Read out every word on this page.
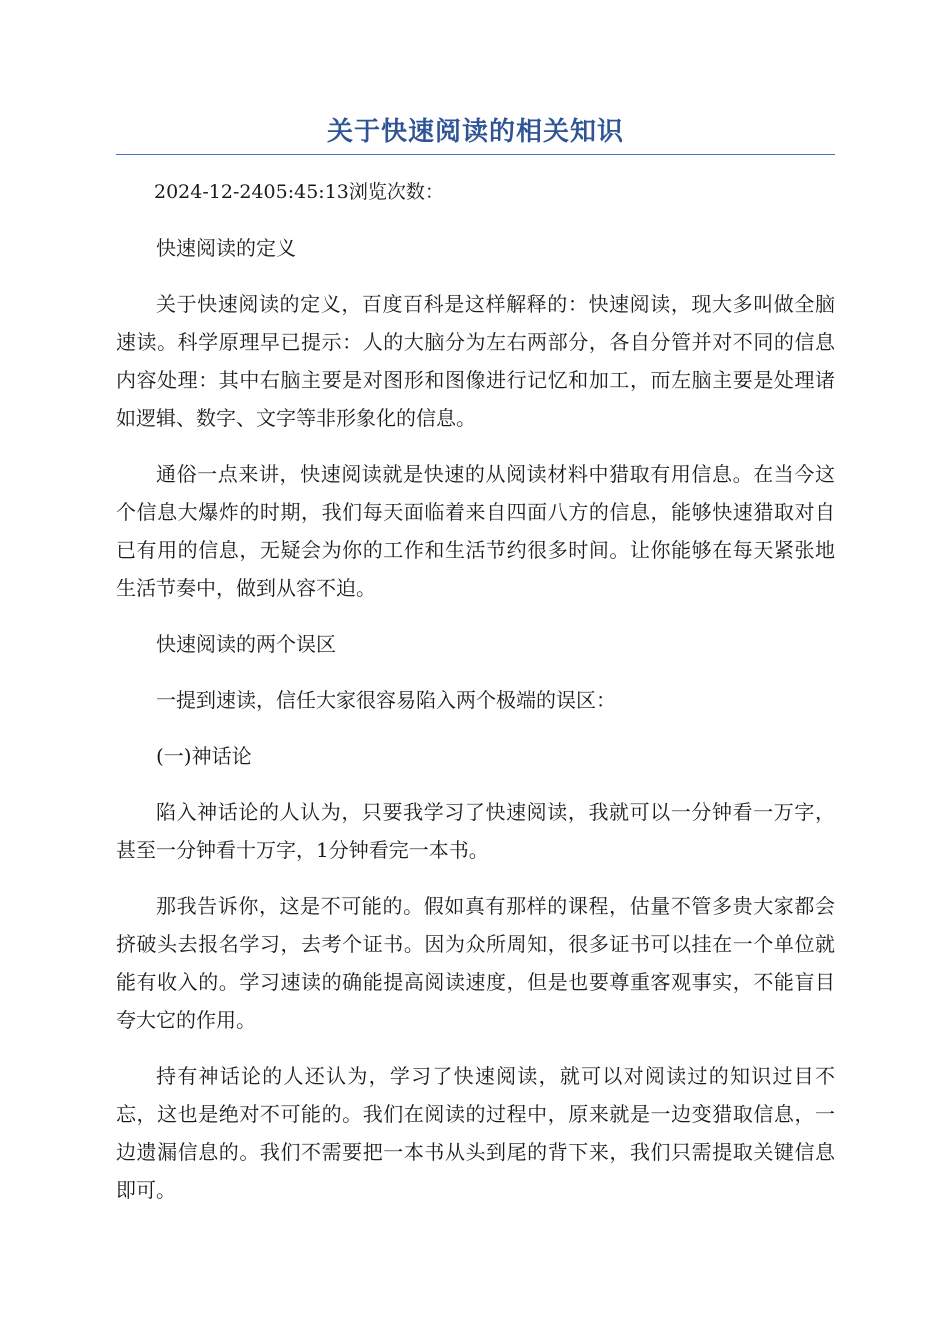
关于快速阅读的相关知识

2024-12-2405:45:13浏览次数：

快速阅读的定义

关于快速阅读的定义，百度百科是这样解释的：快速阅读，现大多叫做全脑速读。科学原理早已提示：人的大脑分为左右两部分，各自分管并对不同的信息内容处理：其中右脑主要是对图形和图像进行记忆和加工，而左脑主要是处理诸如逻辑、数字、文字等非形象化的信息。

通俗一点来讲，快速阅读就是快速的从阅读材料中猎取有用信息。在当今这个信息大爆炸的时期，我们每天面临着来自四面八方的信息，能够快速猎取对自已有用的信息，无疑会为你的工作和生活节约很多时间。让你能够在每天紧张地生活节奏中，做到从容不迫。

快速阅读的两个误区

一提到速读，信任大家很容易陷入两个极端的误区：

(一)神话论

陷入神话论的人认为，只要我学习了快速阅读，我就可以一分钟看一万字，甚至一分钟看十万字，1分钟看完一本书。

那我告诉你，这是不可能的。假如真有那样的课程，估量不管多贵大家都会挤破头去报名学习，去考个证书。因为众所周知，很多证书可以挂在一个单位就能有收入的。学习速读的确能提高阅读速度，但是也要尊重客观事实，不能盲目夸大它的作用。

持有神话论的人还认为，学习了快速阅读，就可以对阅读过的知识过目不忘，这也是绝对不可能的。我们在阅读的过程中，原来就是一边变猎取信息，一边遗漏信息的。我们不需要把一本书从头到尾的背下来，我们只需提取关键信息即可。
